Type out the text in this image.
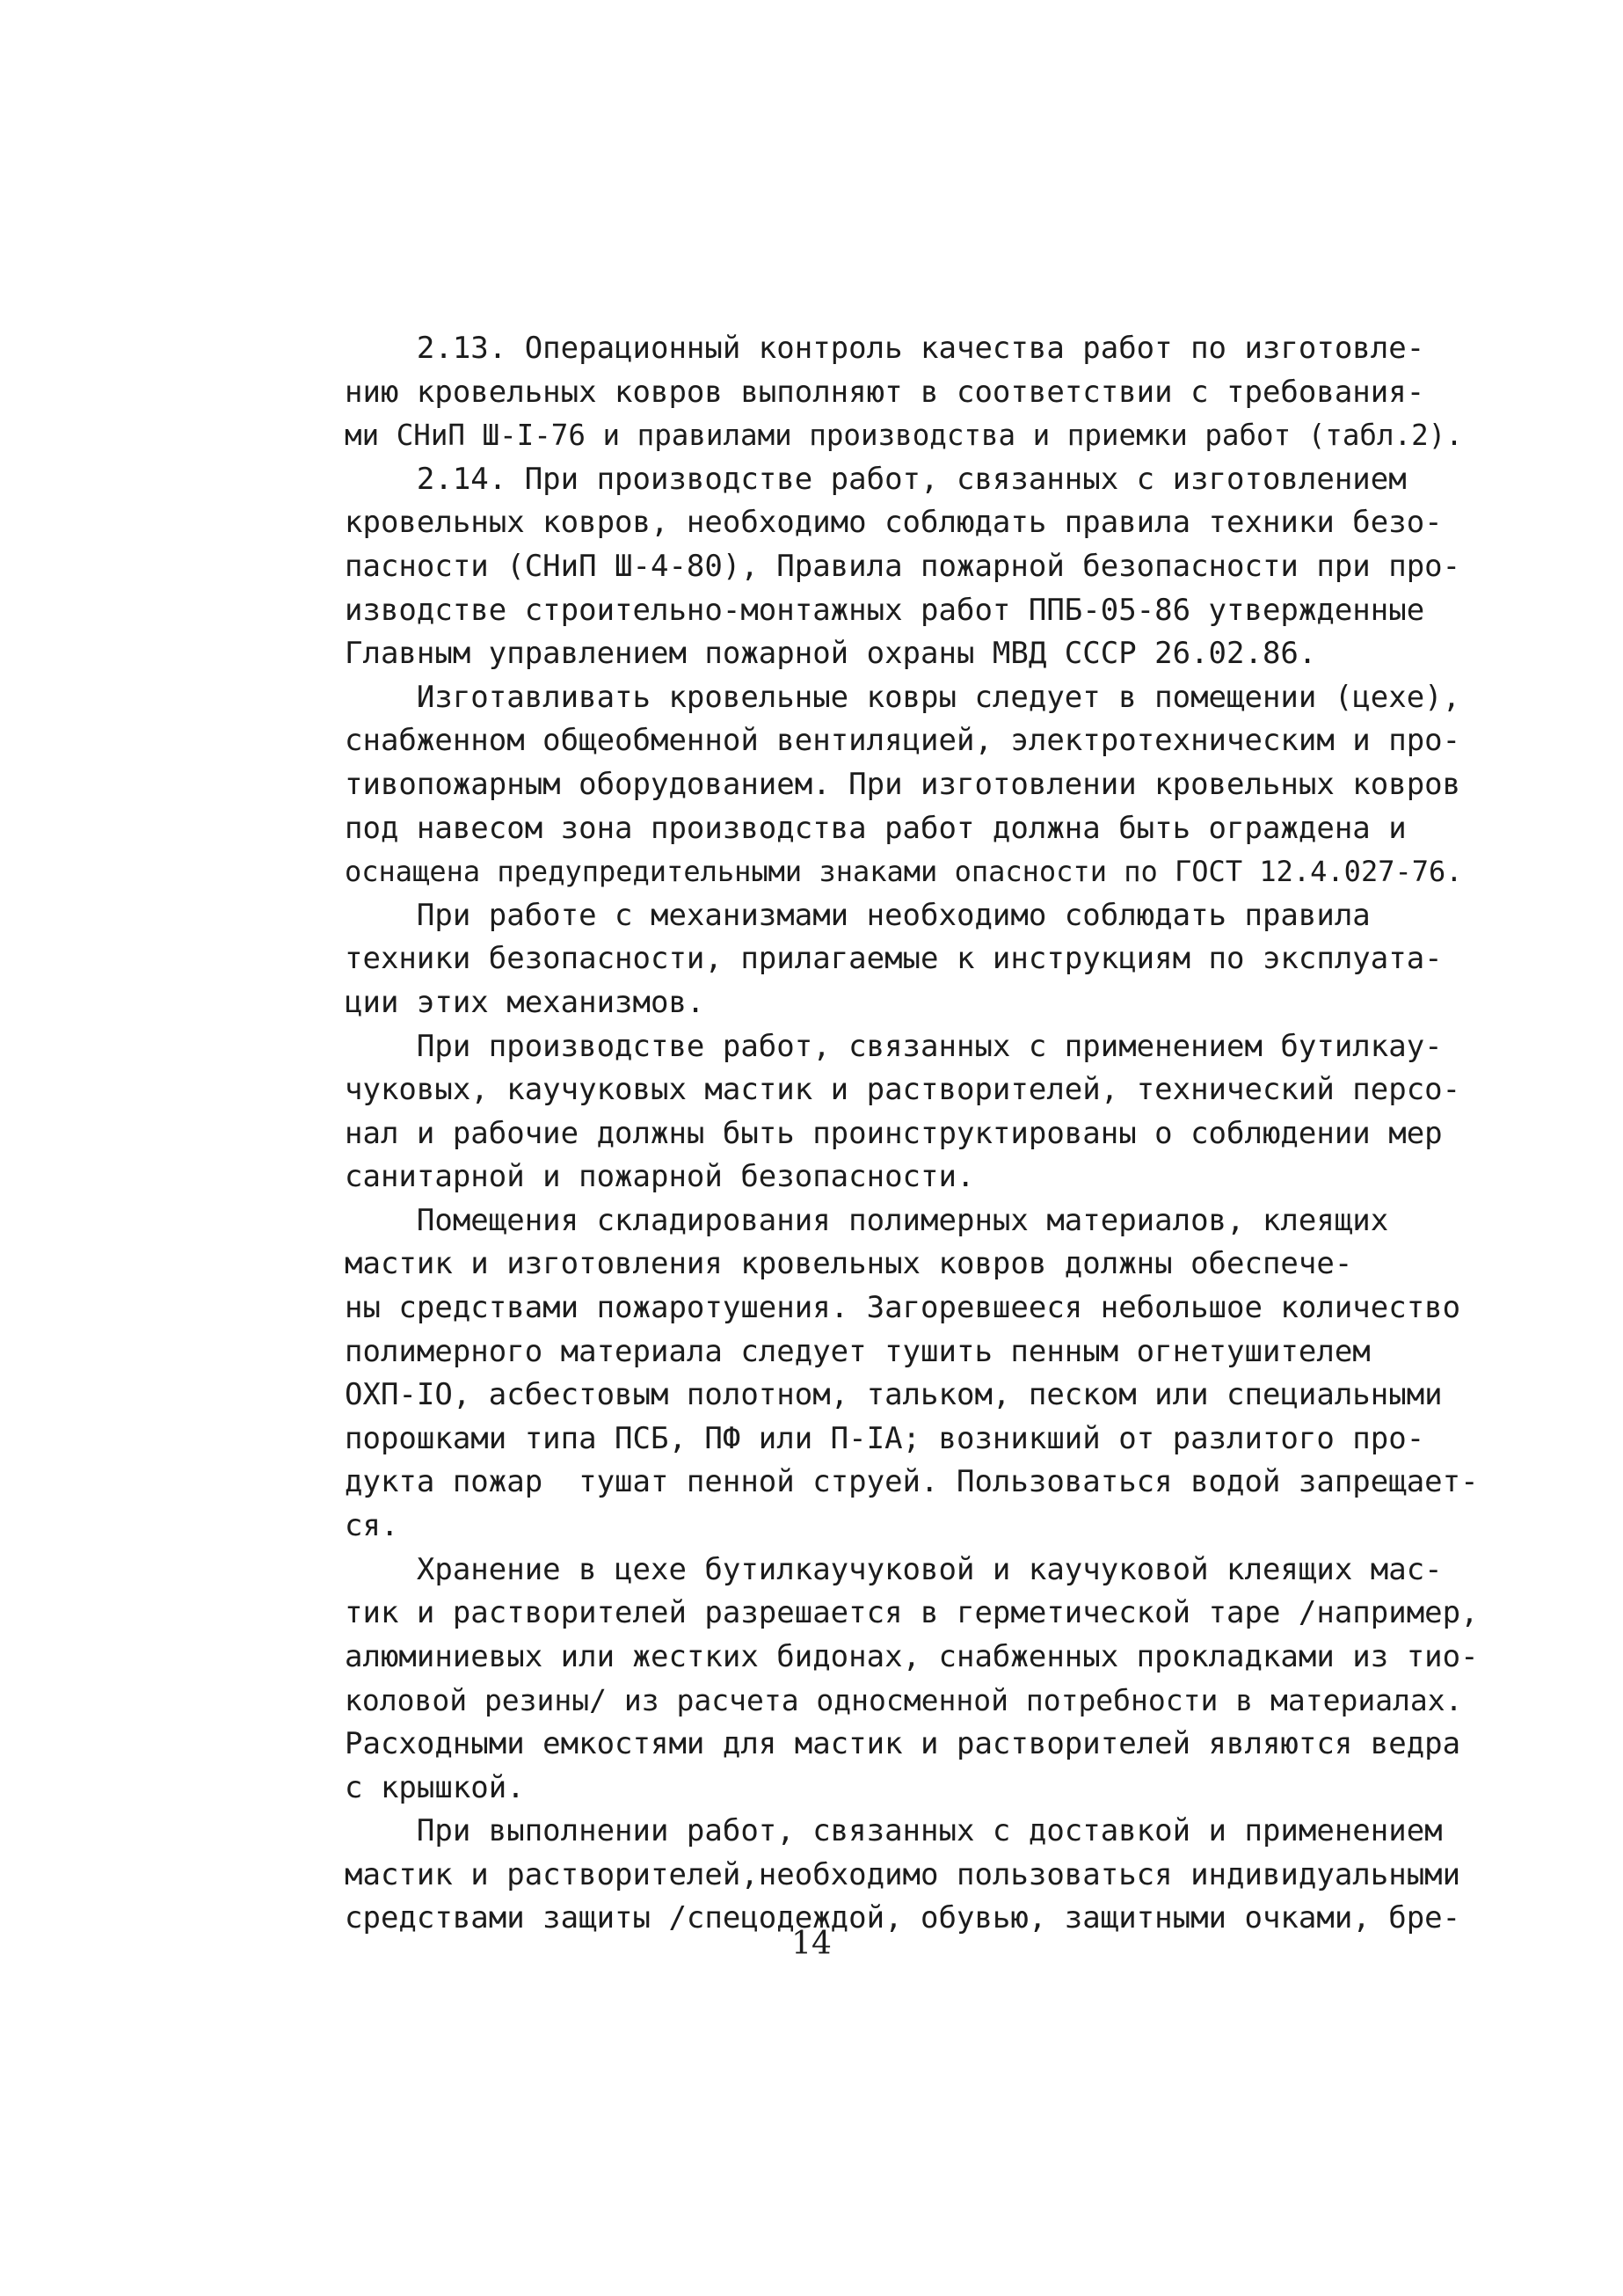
2.13. Операционный контроль качества работ по изготовле-
нию кровельных ковров выполняют в соответствии с требования-
ми СНиП Ш-I-76 и правилами производства и приемки работ (табл.2).
2.14. При производстве работ, связанных с изготовлением
кровельных ковров, необходимо соблюдать правила техники безо-
пасности (СНиП Ш-4-80), Правила пожарной безопасности при про-
изводстве строительно-монтажных работ ППБ-05-86 утвержденные
Главным управлением пожарной охраны МВД СССР 26.02.86.
Изготавливать кровельные ковры следует в помещении (цехе),
снабженном общеобменной вентиляцией, электротехническим и про-
тивопожарным оборудованием. При изготовлении кровельных ковров
под навесом зона производства работ должна быть ограждена и
оснащена предупредительными знаками опасности по ГОСТ 12.4.027-76.
При работе с механизмами необходимо соблюдать правила
техники безопасности, прилагаемые к инструкциям по эксплуата-
ции этих механизмов.
При производстве работ, связанных с применением бутилкау-
чуковых, каучуковых мастик и растворителей, технический персо-
нал и рабочие должны быть проинструктированы о соблюдении мер
санитарной и пожарной безопасности.
Помещения складирования полимерных материалов, клеящих
мастик и изготовления кровельных ковров должны обеспече-
ны средствами пожаротушения. Загоревшееся небольшое количество
полимерного материала следует тушить пенным огнетушителем
ОХП-IO, асбестовым полотном, тальком, песком или специальными
порошками типа ПСБ, ПФ или П-IA; возникший от разлитого про-
дукта пожар  тушат пенной струей. Пользоваться водой запрещает-
ся.
Хранение в цехе бутилкаучуковой и каучуковой клеящих мас-
тик и растворителей разрешается в герметической таре /например,
алюминиевых или жестких бидонах, снабженных прокладками из тио-
коловой резины/ из расчета односменной потребности в материалах.
Расходными емкостями для мастик и растворителей являются ведра
с крышкой.
При выполнении работ, связанных с доставкой и применением
мастик и растворителей,необходимо пользоваться индивидуальными
средствами защиты /спецодеждой, обувью, защитными очками, бре-
14
